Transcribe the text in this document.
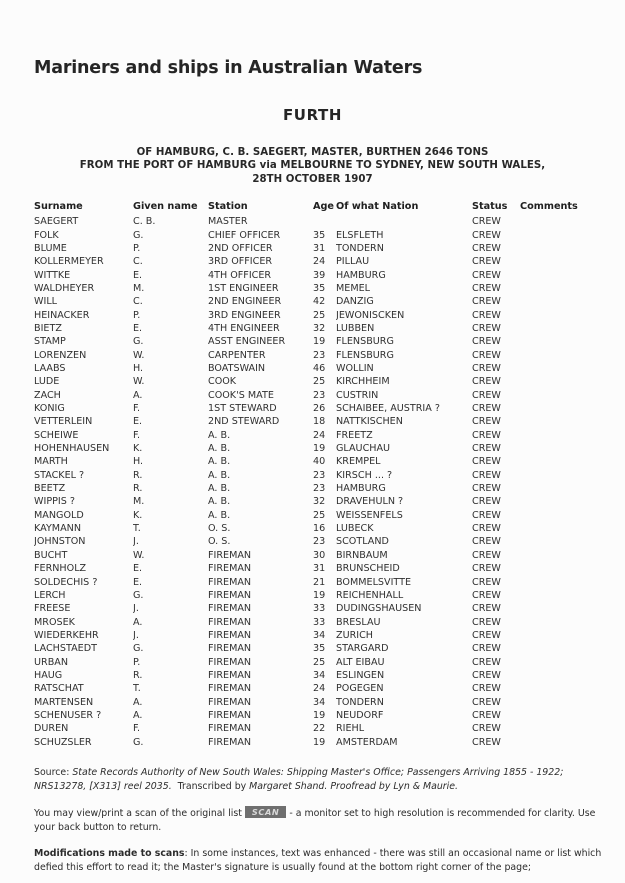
Mariners and ships in Australian Waters
FURTH
OF HAMBURG, C. B. SAEGERT, MASTER, BURTHEN 2646 TONS
FROM THE PORT OF HAMBURG via MELBOURNE TO SYDNEY, NEW SOUTH WALES,
28TH OCTOBER 1907
Surname	Given name	Station	Age	Of what Nation	Status	Comments
SAEGERT	C. B.	MASTER			CREW	
FOLK	G.	CHIEF OFFICER	35	ELSFLETH	CREW	
BLUME	P.	2ND OFFICER	31	TONDERN	CREW	
KOLLERMEYER	C.	3RD OFFICER	24	PILLAU	CREW	
WITTKE	E.	4TH OFFICER	39	HAMBURG	CREW	
WALDHEYER	M.	1ST ENGINEER	35	MEMEL	CREW	
WILL	C.	2ND ENGINEER	42	DANZIG	CREW	
HEINACKER	P.	3RD ENGINEER	25	JEWONISCKEN	CREW	
BIETZ	E.	4TH ENGINEER	32	LUBBEN	CREW	
STAMP	G.	ASST ENGINEER	19	FLENSBURG	CREW	
LORENZEN	W.	CARPENTER	23	FLENSBURG	CREW	
LAABS	H.	BOATSWAIN	46	WOLLIN	CREW	
LUDE	W.	COOK	25	KIRCHHEIM	CREW	
ZACH	A.	COOK'S MATE	23	CUSTRIN	CREW	
KONIG	F.	1ST STEWARD	26	SCHAIBEE, AUSTRIA ?	CREW	
VETTERLEIN	E.	2ND STEWARD	18	NATTKISCHEN	CREW	
SCHEIWE	F.	A. B.	24	FREETZ	CREW	
HOHENHAUSEN	K.	A. B.	19	GLAUCHAU	CREW	
MARTH	H.	A. B.	40	KREMPEL	CREW	
STACKEL ?	R.	A. B.	23	KIRSCH ... ?	CREW	
BEETZ	R.	A. B.	23	HAMBURG	CREW	
WIPPIS ?	M.	A. B.	32	DRAVEHULN ?	CREW	
MANGOLD	K.	A. B.	25	WEISSENFELS	CREW	
KAYMANN	T.	O. S.	16	LUBECK	CREW	
JOHNSTON	J.	O. S.	23	SCOTLAND	CREW	
BUCHT	W.	FIREMAN	30	BIRNBAUM	CREW	
FERNHOLZ	E.	FIREMAN	31	BRUNSCHEID	CREW	
SOLDECHIS ?	E.	FIREMAN	21	BOMMELSVITTE	CREW	
LERCH	G.	FIREMAN	19	REICHENHALL	CREW	
FREESE	J.	FIREMAN	33	DUDINGSHAUSEN	CREW	
MROSEK	A.	FIREMAN	33	BRESLAU	CREW	
WIEDERKEHR	J.	FIREMAN	34	ZURICH	CREW	
LACHSTAEDT	G.	FIREMAN	35	STARGARD	CREW	
URBAN	P.	FIREMAN	25	ALT EIBAU	CREW	
HAUG	R.	FIREMAN	34	ESLINGEN	CREW	
RATSCHAT	T.	FIREMAN	24	POGEGEN	CREW	
MARTENSEN	A.	FIREMAN	34	TONDERN	CREW	
SCHENUSER ?	A.	FIREMAN	19	NEUDORF	CREW	
DUREN	F.	FIREMAN	22	RIEHL	CREW	
SCHUZSLER	G.	FIREMAN	19	AMSTERDAM	CREW	
Source: State Records Authority of New South Wales: Shipping Master's Office; Passengers Arriving 1855 - 1922; NRS13278, [X313] reel 2035. Transcribed by Margaret Shand. Proofread by Lyn & Maurie.
You may view/print a scan of the original list SCAN - a monitor set to high resolution is recommended for clarity. Use your back button to return.
Modifications made to scans: In some instances, text was enhanced - there was still an occasional name or list which defied this effort to read it; the Master's signature is usually found at the bottom right corner of the page;
